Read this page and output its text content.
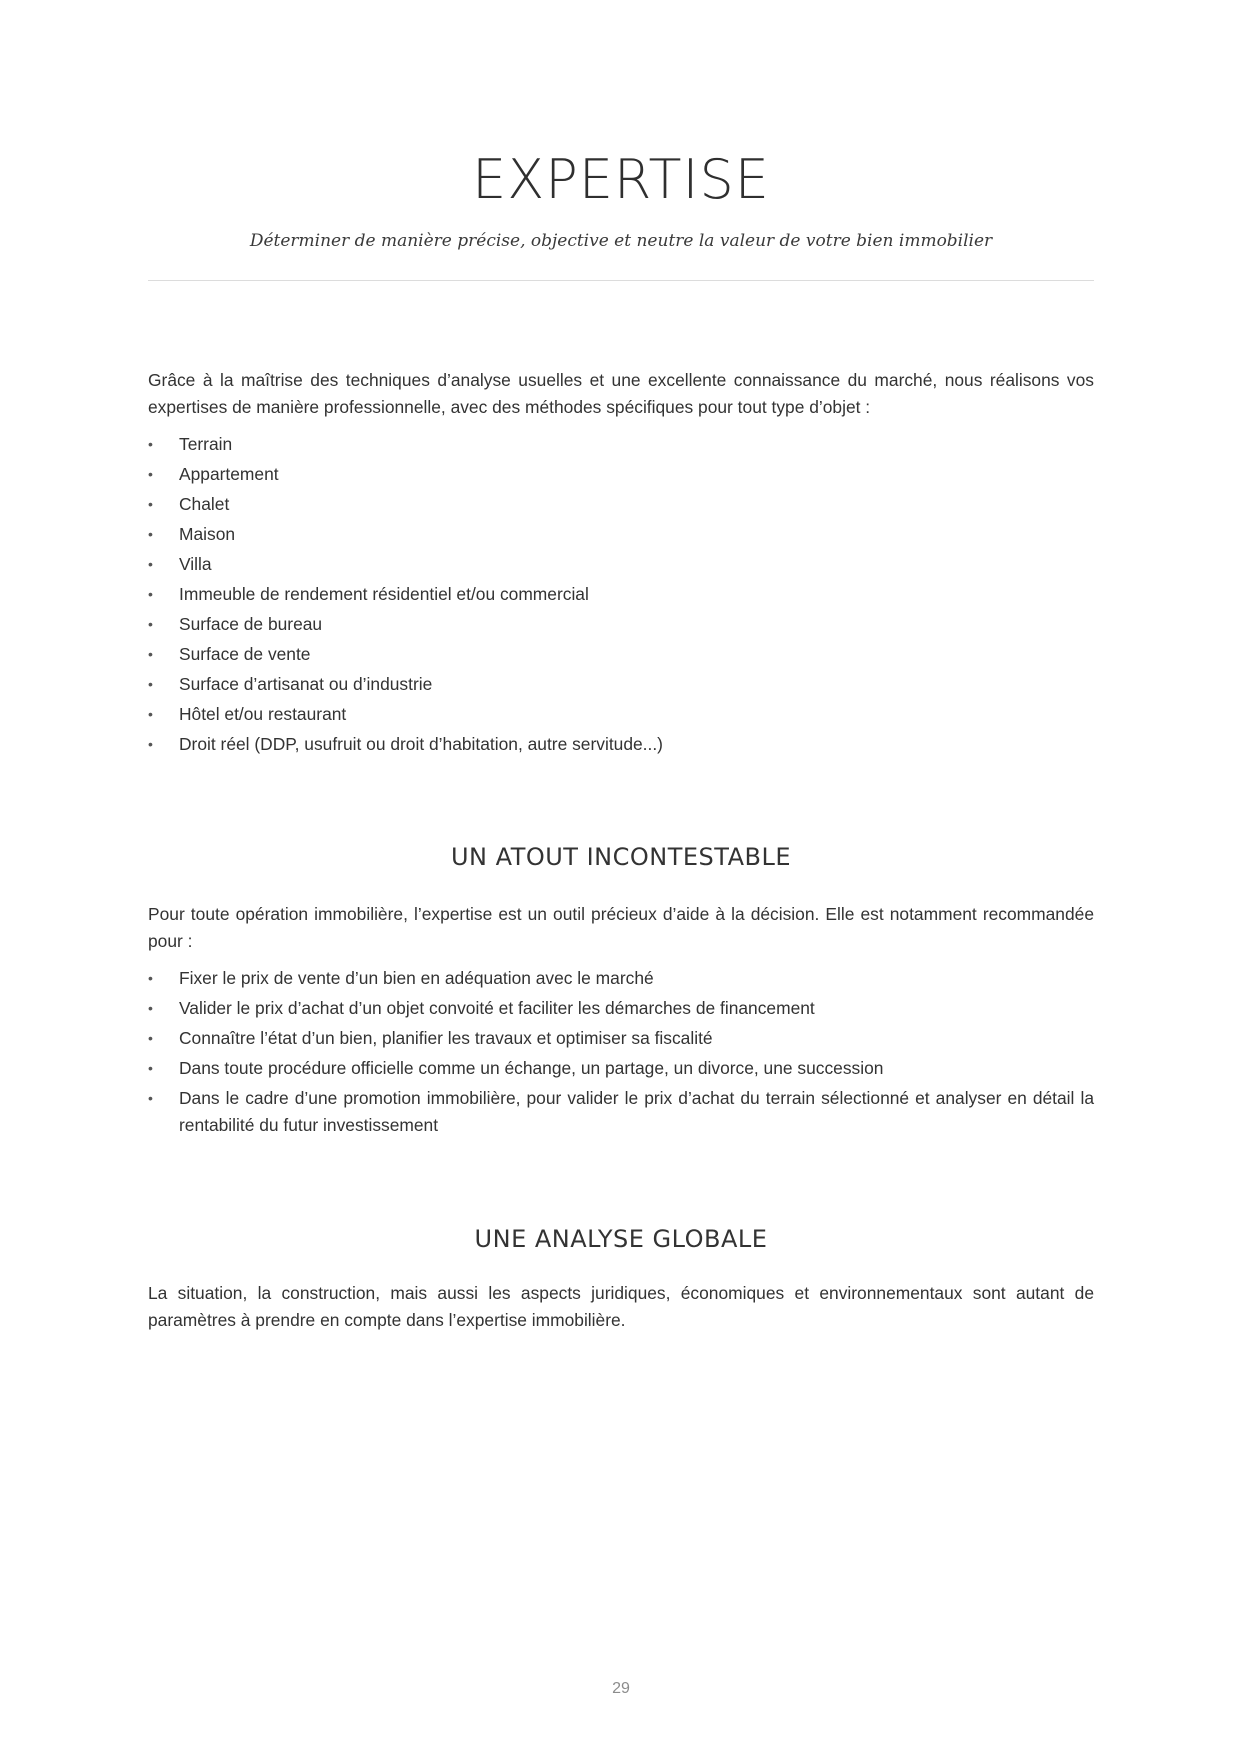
EXPERTISE

Déterminer de manière précise, objective et neutre la valeur de votre bien immobilier

Grâce à la maîtrise des techniques d’analyse usuelles et une excellente connaissance du marché, nous réalisons vos expertises de manière professionnelle, avec des méthodes spécifiques pour tout type d’objet :

•	Terrain
•	Appartement
•	Chalet
•	Maison
•	Villa
•	Immeuble de rendement résidentiel et/ou commercial
•	Surface de bureau
•	Surface de vente
•	Surface d’artisanat ou d’industrie
•	Hôtel et/ou restaurant
•	Droit réel (DDP, usufruit ou droit d’habitation, autre servitude...)
UN ATOUT INCONTESTABLE

Pour toute opération immobilière, l’expertise est un outil précieux d’aide à la décision. Elle est notamment recommandée pour :

•	Fixer le prix de vente d’un bien en adéquation avec le marché
•	Valider le prix d’achat d’un objet convoité et faciliter les démarches de financement
•	Connaître l’état d’un bien, planifier les travaux et optimiser sa fiscalité
•	Dans toute procédure officielle comme un échange, un partage, un divorce, une succession
•	Dans le cadre d’une promotion immobilière, pour valider le prix d’achat du terrain sélectionné et analyser en détail la rentabilité du futur investissement
UNE ANALYSE GLOBALE

La situation, la construction, mais aussi les aspects juridiques, économiques et environnementaux sont autant de paramètres à prendre en compte dans l’expertise immobilière.

29
